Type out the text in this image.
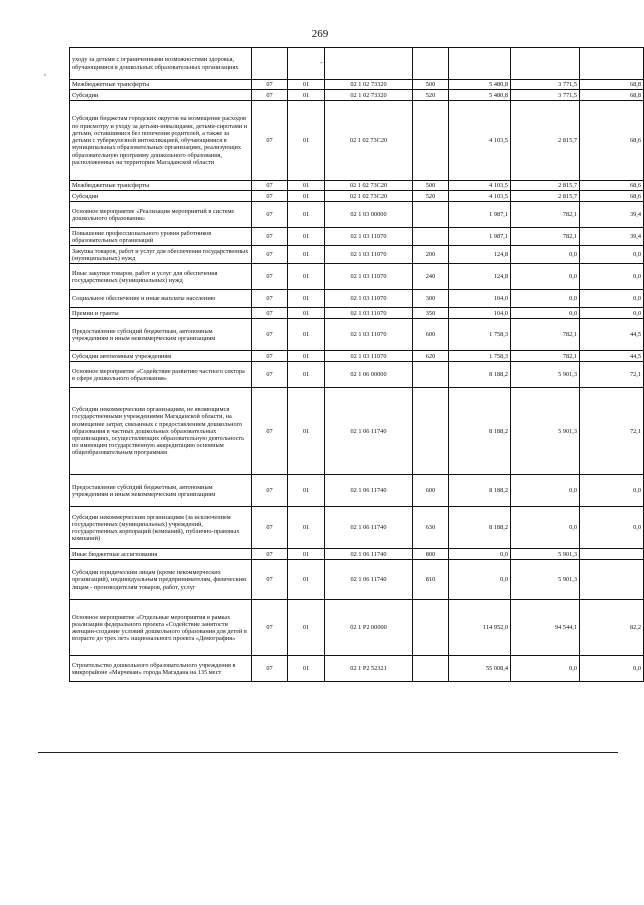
269
,
-
уходу за детьми с ограниченными возможностями здоровья, обучающимися в дошкольных образовательных организациях							
Межбюджетные трансферты	07	01	02 1 02 73320	500	5 480,8	3 771,5	68,8
Субсидии	07	01	02 1 02 73320	520	5 480,8	3 771,5	68,8
Субсидии бюджетам городских округов на возмещение расходов по присмотру и уходу за детьми-инвалидами, детьми-сиротами и детьми, оставшимися без попечения родителей, а также за детьми с туберкулезной интоксикацией, обучающимися в муниципальных образовательных организациях, реализующих образовательную программу дошкольного образования, расположенных на территории Магаданской области	07	01	02 1 02 73С20		4 103,5	2 815,7	68,6
Межбюджетные трансферты	07	01	02 1 02 73С20	500	4 103,5	2 815,7	68,6
Субсидии	07	01	02 1 02 73С20	520	4 103,5	2 815,7	68,6
Основное мероприятие «Реализация мероприятий в системе дошкольного образования»	07	01	02 1 03 00000		1 987,1	782,1	39,4
Повышение профессионального уровня работников образовательных организаций	07	01	02 1 03 11070		1 987,1	782,1	39,4
Закупка товаров, работ и услуг для обеспечения государственных (муниципальных) нужд	07	01	02 1 03 11070	200	124,8	0,0	0,0
Иные закупки товаров, работ и услуг для обеспечения государственных (муниципальных) нужд	07	01	02 1 03 11070	240	124,8	0,0	0,0
Социальное обеспечение и иные выплаты населению	07	01	02 1 03 11070	300	104,0	0,0	0,0
Премии и гранты	07	01	02 1 03 11070	350	104,0	0,0	0,0
Предоставление субсидий бюджетным, автономным учреждениям и иным некоммерческим организациям	07	01	02 1 03 11070	600	1 758,3	782,1	44,5
Субсидии автономным учреждениям	07	01	02 1 03 11070	620	1 758,3	782,1	44,5
Основное мероприятие «Содействие развитию частного сектора в сфере дошкольного образования»	07	01	02 1 06 00000		8 188,2	5 901,3	72,1
Субсидии некоммерческим организациям, не являющимся государственными учреждениями Магаданской области, на возмещение затрат, связанных с предоставлением дошкольного образования в частных дошкольных образовательных организациях, осуществляющих образовательную деятельность по имеющим государственную аккредитацию основным общеобразовательным программам	07	01	02 1 06 11740		8 188,2	5 901,3	72,1
Предоставление субсидий бюджетным, автономным учреждениям и иным некоммерческим организациям	07	01	02 1 06 11740	600	8 188,2	0,0	0,0
Субсидии некоммерческим организациям (за исключением государственных (муниципальных) учреждений, государственных корпораций (компаний), публично-правовых компаний)	07	01	02 1 06 11740	630	8 188,2	0,0	0,0
Иные бюджетные ассигнования	07	01	02 1 06 11740	800	0,0	5 901,3	
Субсидии юридическим лицам (кроме некоммерческих организаций), индивидуальным предпринимателям, физическим лицам - производителям товаров, работ, услуг	07	01	02 1 06 11740	810	0,0	5 901,3	
Основное мероприятие «Отдельные мероприятия в рамках реализации федерального проекта «Содействие занятости женщин-создание условий дошкольного образования для детей в возрасте до трех лет» национального проекта «Демография»	07	01	02 1 P2 00000		114 952,0	94 544,1	82,2
Строительство дошкольного образовательного учреждения в микрорайоне «Марчекан» города Магадана на 135 мест	07	01	02 1 P2 52321		55 008,4	0,0	0,0
